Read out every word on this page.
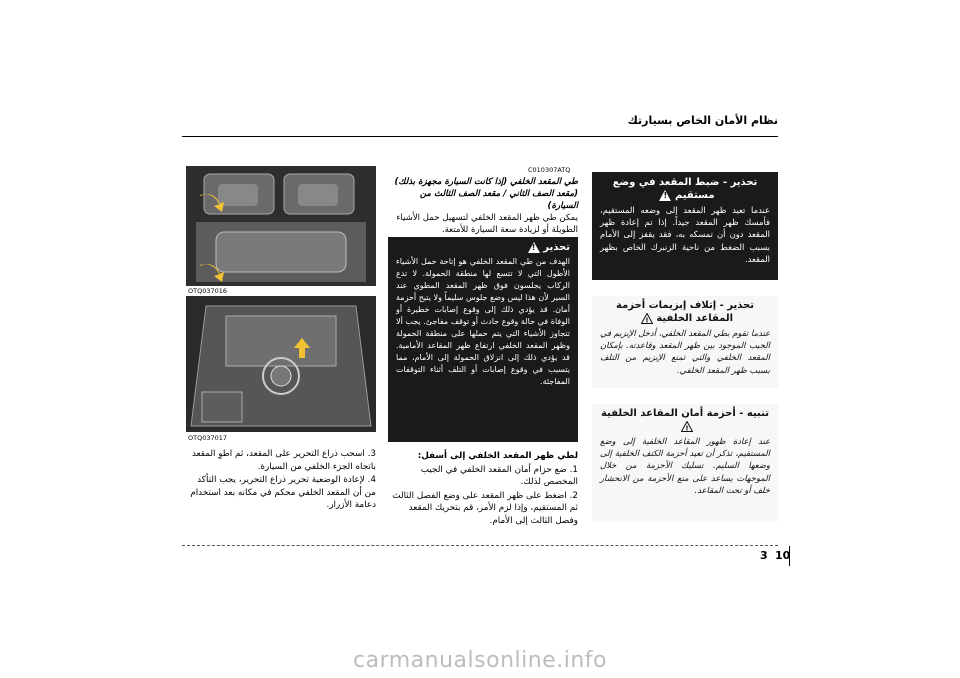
نظام الأمان الخاص بسيارتك
تحذير - ضبط المقعد في وضع مستقيم !
عندما تعيد ظهر المقعد إلى وضعه المستقيم، فأمسك ظهر المقعد جيداً. إذا تم إعادة ظهر المقعد دون أن تمسكه به، فقد يقفز إلى الأمام بسبب الضغط من ناحية الزنبرك الخاص بظهر المقعد.
تحذير - إتلاف إبزيمات أحزمة المقاعد الخلفية
!
عندما تقوم بطي المقعد الخلفي، أدخل الإبزيم في الجيب الموجود بين ظهر المقعد وقاعدته. بإمكان المقعد الخلفي والتي تمنع الإبزيم من التلف بسبب ظهر المقعد الخلفي.
تنبيه - أحزمة أمان المقاعد الخلفية
!
عند إعادة ظهور المقاعد الخلفية إلى وضع المستقيم، تذكر أن تعيد أحزمة الكتف الخلفية إلى وضعها السليم. تسليك الأحزمة من خلال الموجهات يساعد على منع الأحزمة من الانحشار خلف أو تحت المقاعد.
C010307ATQ
طي المقعد الخلفي (إذا كانت السيارة مجهزة بذلك)
(مقعد الصف الثاني / مقعد الصف الثالث من السيارة)
يمكن طي ظهر المقعد الخلفي لتسهيل حمل الأشياء الطويلة أو لزيادة سعة السيارة للأمتعة.
تحذير !
الهدف من طي المقعد الخلفي هو إتاحة حمل الأشياء الأطول التي لا تتسع لها منطقة الحمولة. لا تدع الركاب يجلسون فوق ظهر المقعد المطوي عند السير لأن هذا ليس وضع جلوس سليماً ولا يتيح أحزمة أمان. قد يؤدي ذلك إلى وقوع إصابات خطيرة أو الوفاة في حالة وقوع حادث أو توقف مفاجئ. يجب ألا تتجاوز الأشياء التي يتم حملها على منطقة الحمولة وظهر المقعد الخلفي ارتفاع ظهر المقاعد الأمامية. قد يؤدي ذلك إلى انزلاق الحمولة إلى الأمام، مما يتسبب في وقوع إصابات أو التلف أثناء التوقفات المفاجئة.

لطي ظهر المقعد الخلفي إلى أسفل:

1. ضع حزام أمان المقعد الخلفي في الجيب المخصص لذلك.

2. اضغط على ظهر المقعد على وضع الفصل الثالث ثم المستقيم، وإذا لزم الأمر، قم بتحريك المقعد وفصل الثالث إلى الأمام.

OTQ037016
OTQ037017

3. اسحب ذراع التحرير على المقعد، ثم اطوِ المقعد باتجاه الجزء الخلفي من السيارة.

4. لإعادة الوضعية تحرير ذراع التحرير، يجب التأكد من أن المقعد الخلفي محكم في مكانه بعد استخدام دعامة الأزرار.

3 10
carmanualsonline.info
